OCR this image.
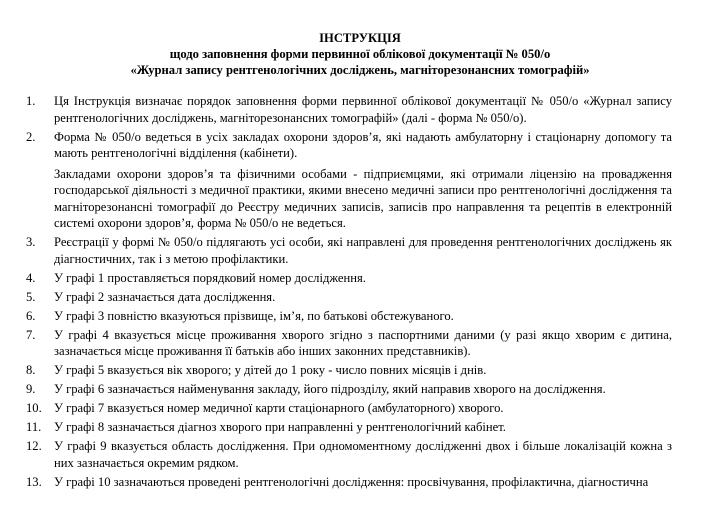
ІНСТРУКЦІЯ
щодо заповнення форми первинної облікової документації № 050/о
«Журнал запису рентгенологічних досліджень, магніторезонансних томографій»
1.	Ця Інструкція визначає порядок заповнення форми первинної облікової документації № 050/о «Журнал запису рентгенологічних досліджень, магніторезонансних томографій» (далі - форма № 050/о).
2.	Форма № 050/о ведеться в усіх закладах охорони здоров’я, які надають амбулаторну і стаціонарну допомогу та мають рентгенологічні відділення (кабінети).
Закладами охорони здоров’я та фізичними особами - підприємцями, які отримали ліцензію на провадження господарської діяльності з медичної практики, якими внесено медичні записи про рентгенологічні дослідження та магніторезонансні томографії до Реєстру медичних записів, записів про направлення та рецептів в електронній системі охорони здоров’я, форма № 050/о не ведеться.
3.	Реєстрації у формі № 050/о підлягають усі особи, які направлені для проведення рентгенологічних досліджень як діагностичних, так і з метою профілактики.
4.	У графі 1 проставляється порядковий номер дослідження.
5.	У графі 2 зазначається дата дослідження.
6.	У графі 3 повністю вказуються прізвище, ім’я, по батькові обстежуваного.
7.	У графі 4 вказується місце проживання хворого згідно з паспортними даними (у разі якщо хворим є дитина, зазначається місце проживання її батьків або інших законних представників).
8.	У графі 5 вказується вік хворого; у дітей до 1 року - число повних місяців і днів.
9.	У графі 6 зазначається найменування закладу, його підрозділу, який направив хворого на дослідження.
10. У графі 7 вказується номер медичної карти стаціонарного (амбулаторного) хворого.
11.	У графі 8 зазначається діагноз хворого при направленні у рентгенологічний кабінет.
12. У графі 9 вказується область дослідження. При одномоментному дослідженні двох і більше локалізацій кожна з них зазначається окремим рядком.
13. У графі 10 зазначаються проведені рентгенологічні дослідження: просвічування, профілактична, діагностична
